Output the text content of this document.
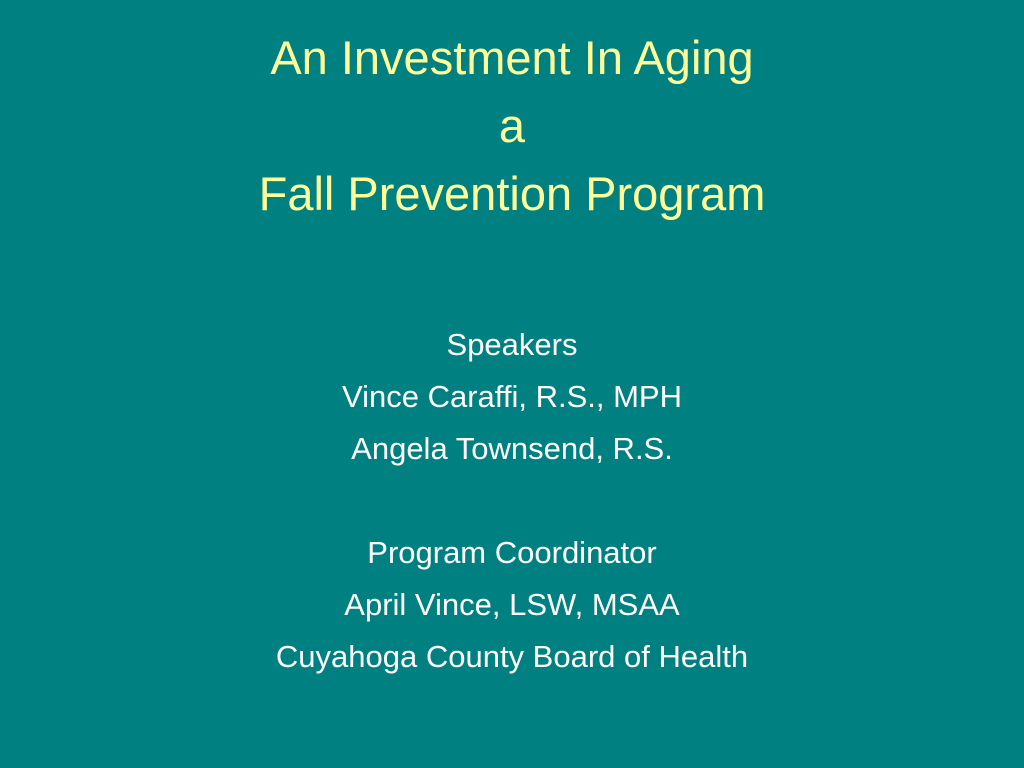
An Investment In Aging
a
Fall Prevention Program
Speakers
Vince Caraffi, R.S., MPH
Angela Townsend, R.S.
Program Coordinator
April Vince, LSW, MSAA
Cuyahoga County Board of Health
